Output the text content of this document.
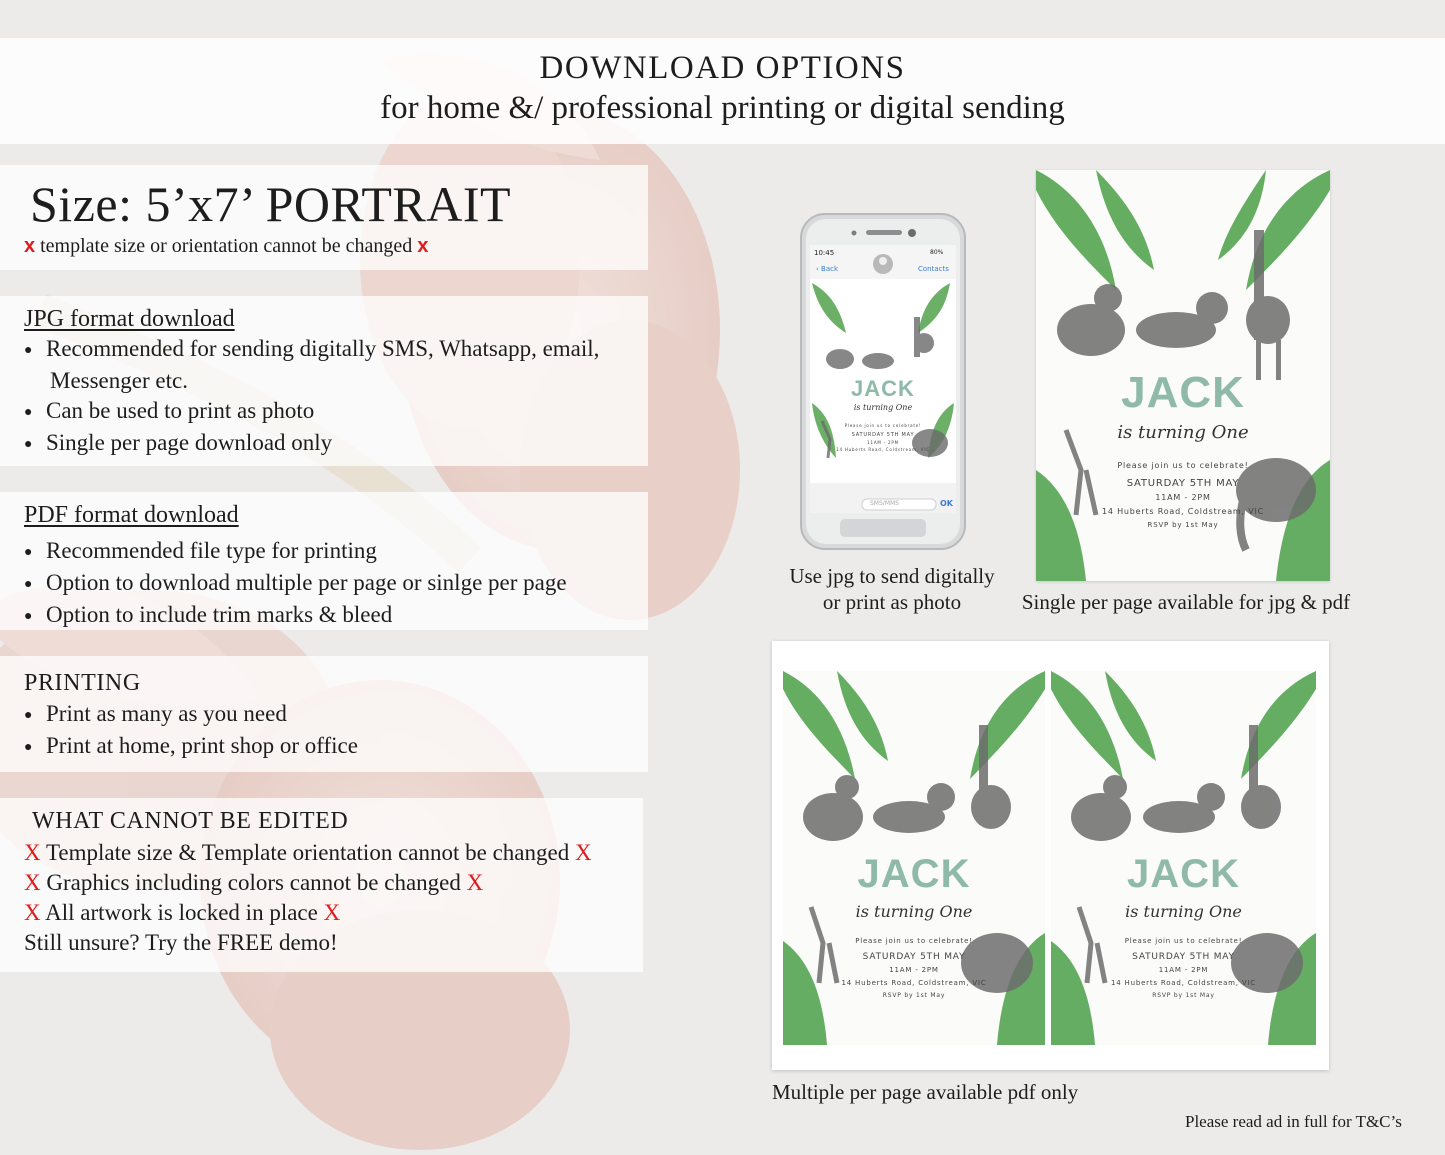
DOWNLOAD OPTIONS
for home &/ professional printing or digital sending
Size: 5’x7’ PORTRAIT
x template size or orientation cannot be changed x
JPG format download
● Recommended for sending digitally SMS, Whatsapp, email,
Messenger etc.
● Can be used to print as photo
● Single per page download only
PDF format download
● Recommended file type for printing
● Option to download multiple per page or sinlge per page
● Option to include trim marks & bleed
PRINTING
● Print as many as you need
● Print at home, print shop or office
WHAT CANNOT BE EDITED
X Template size & Template orientation cannot be changed X
X Graphics including colors cannot be changed X
X All artwork is locked in place X
Still unsure? Try the FREE demo!
10:45	80%
‹ Back	Contacts
JACK
is turning One
Please join us to celebrate!
SATURDAY 5TH MAY
11AM - 2PM
14 Huberts Road, Coldstream, VIC
SMS/MMS	OK
Use jpg to send digitally
or print as photo
JACK
is turning One
Please join us to celebrate!
SATURDAY 5TH MAY
11AM - 2PM
14 Huberts Road, Coldstream, VIC
RSVP by 1st May
Single per page available for jpg & pdf
JACK
is turning One
Please join us to celebrate!
SATURDAY 5TH MAY
11AM - 2PM
14 Huberts Road, Coldstream, VIC
RSVP by 1st May
JACK
is turning One
Please join us to celebrate!
SATURDAY 5TH MAY
11AM - 2PM
14 Huberts Road, Coldstream, VIC
RSVP by 1st May
Multiple per page available pdf only
Please read ad in full for T&C’s
